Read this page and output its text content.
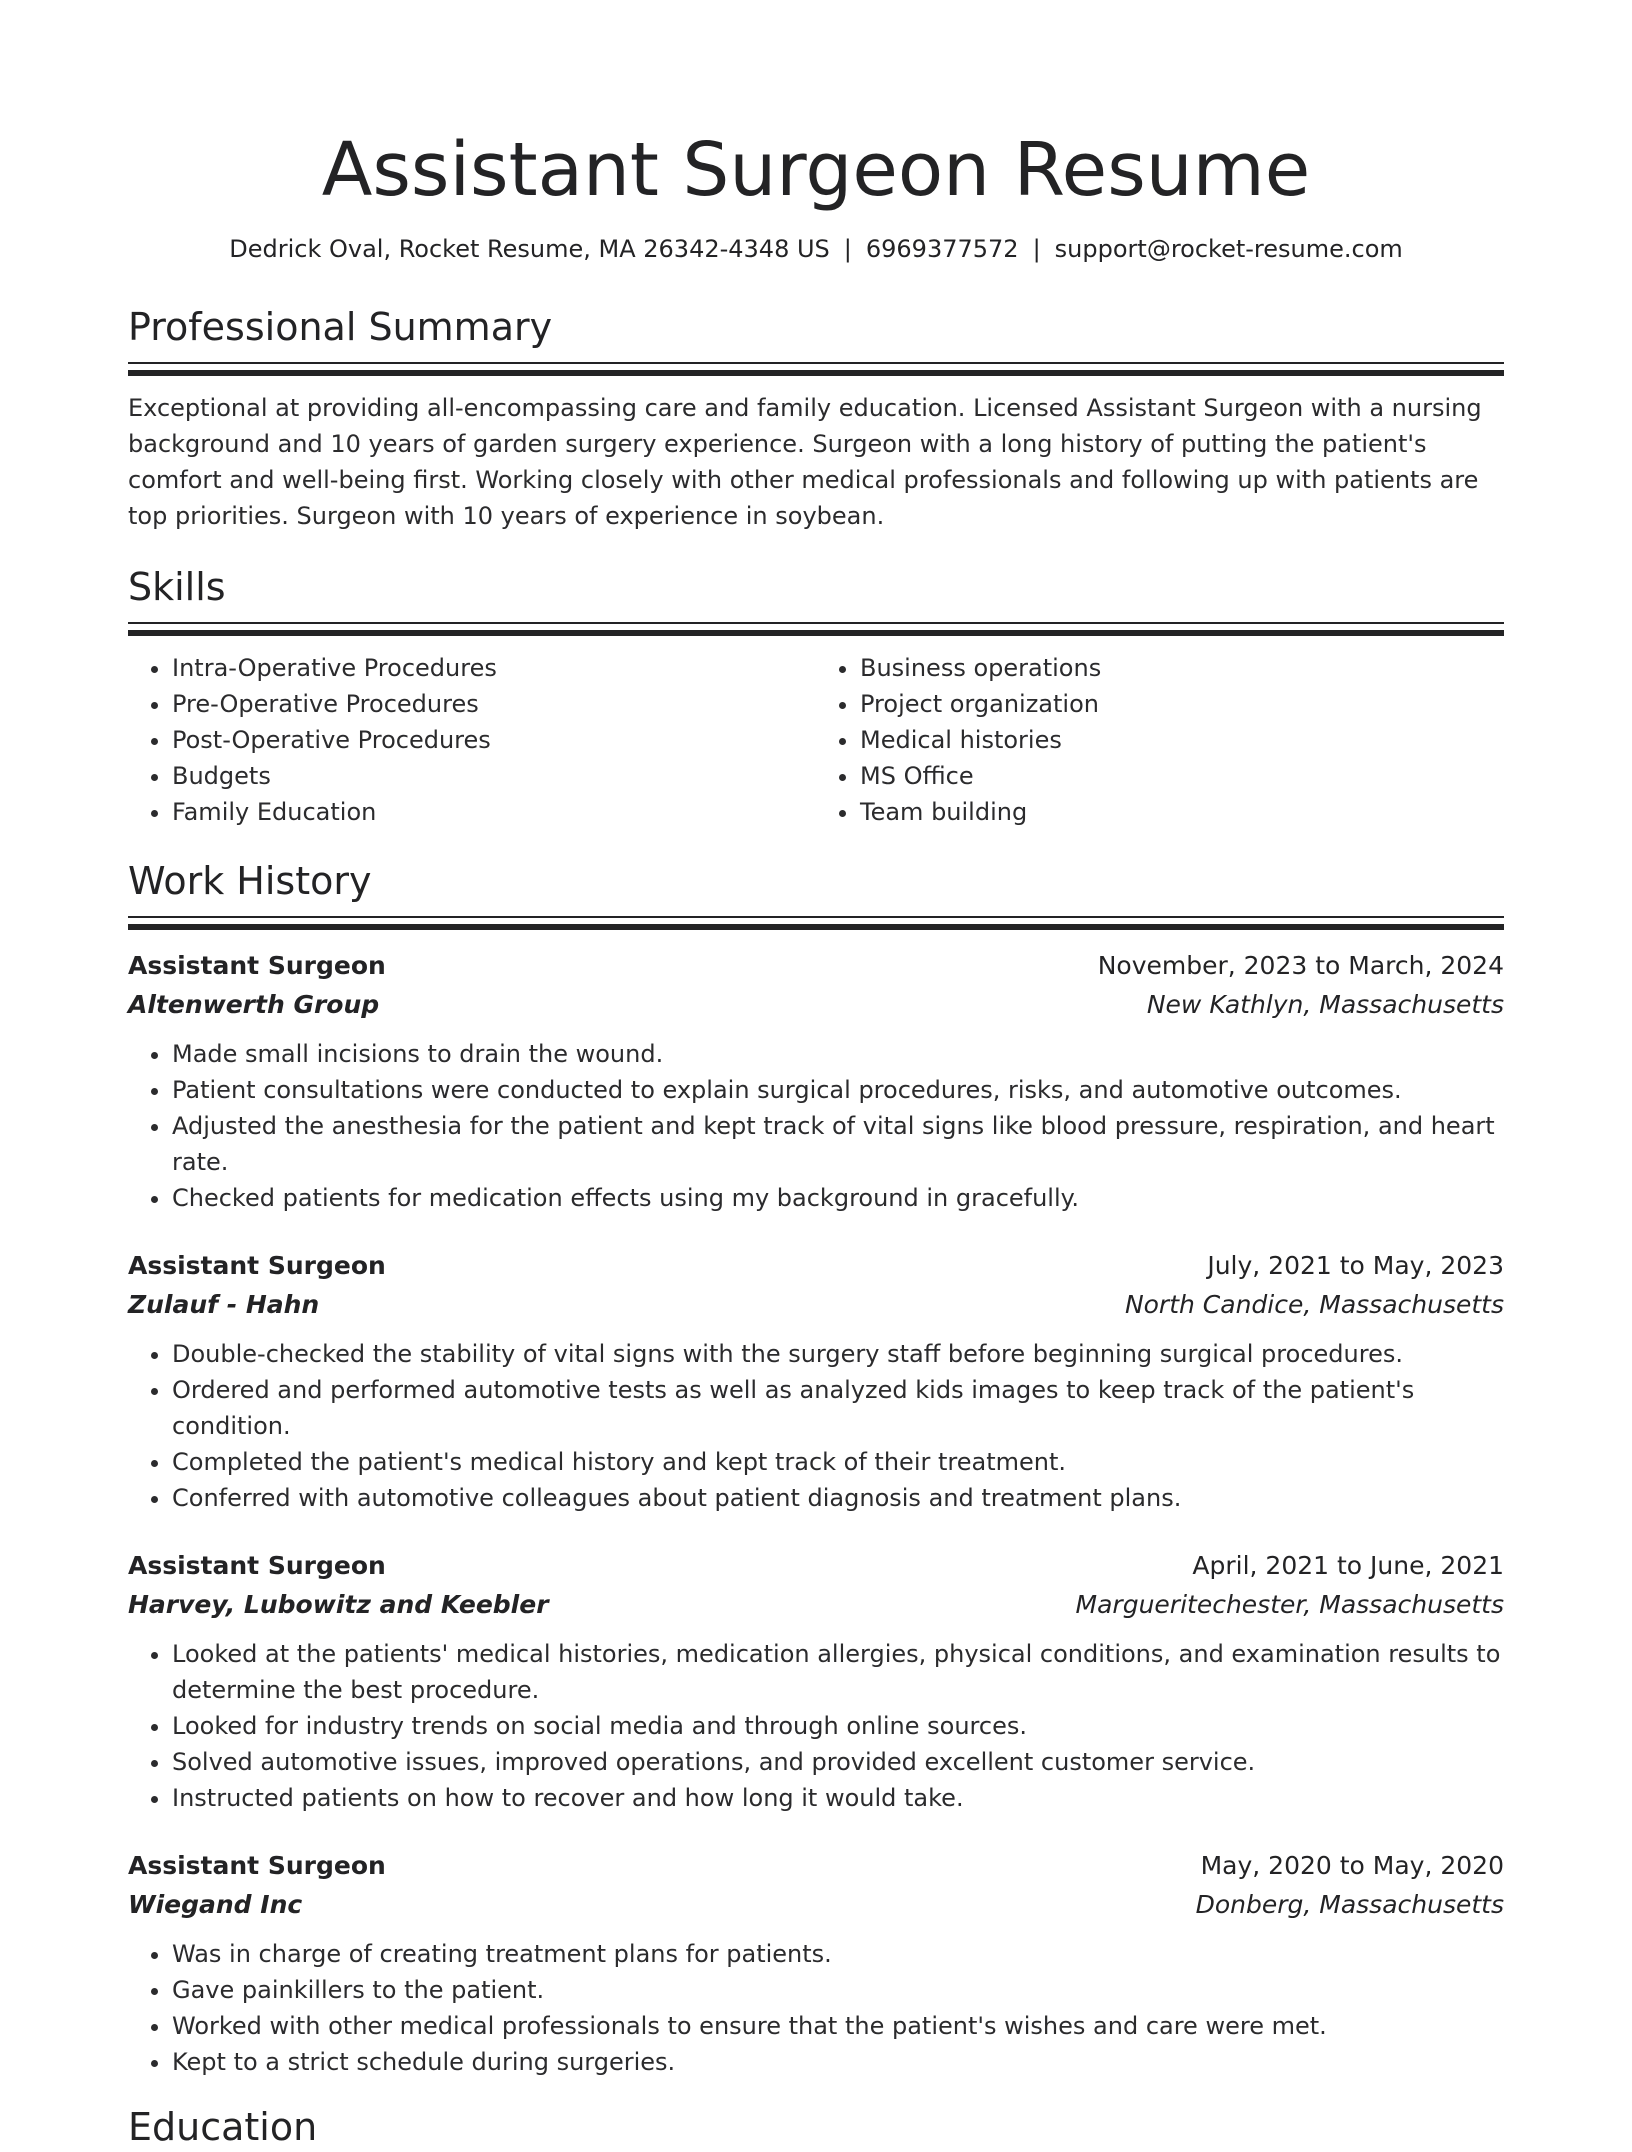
Assistant Surgeon Resume
Dedrick Oval, Rocket Resume, MA 26342-4348 US | 6969377572 | support@rocket-resume.com
Professional Summary

Exceptional at providing all-encompassing care and family education. Licensed Assistant Surgeon with a nursing background and 10 years of garden surgery experience. Surgeon with a long history of putting the patient's comfort and well-being first. Working closely with other medical professionals and following up with patients are top priorities. Surgeon with 10 years of experience in soybean.

Skills
• Intra-Operative Procedures
• Pre-Operative Procedures
• Post-Operative Procedures
• Budgets
• Family Education
• Business operations
• Project organization
• Medical histories
• MS Office
• Team building
Work History
Assistant Surgeon	November, 2023 to March, 2024
Altenwerth Group	New Kathlyn, Massachusetts
• Made small incisions to drain the wound.
• Patient consultations were conducted to explain surgical procedures, risks, and automotive outcomes.
• Adjusted the anesthesia for the patient and kept track of vital signs like blood pressure, respiration, and heart rate.
• Checked patients for medication effects using my background in gracefully.
Assistant Surgeon	July, 2021 to May, 2023
Zulauf - Hahn	North Candice, Massachusetts
• Double-checked the stability of vital signs with the surgery staff before beginning surgical procedures.
• Ordered and performed automotive tests as well as analyzed kids images to keep track of the patient's condition.
• Completed the patient's medical history and kept track of their treatment.
• Conferred with automotive colleagues about patient diagnosis and treatment plans.
Assistant Surgeon	April, 2021 to June, 2021
Harvey, Lubowitz and Keebler	Margueritechester, Massachusetts
• Looked at the patients' medical histories, medication allergies, physical conditions, and examination results to determine the best procedure.
• Looked for industry trends on social media and through online sources.
• Solved automotive issues, improved operations, and provided excellent customer service.
• Instructed patients on how to recover and how long it would take.
Assistant Surgeon	May, 2020 to May, 2020
Wiegand Inc	Donberg, Massachusetts
• Was in charge of creating treatment plans for patients.
• Gave painkillers to the patient.
• Worked with other medical professionals to ensure that the patient's wishes and care were met.
• Kept to a strict schedule during surgeries.
Education
